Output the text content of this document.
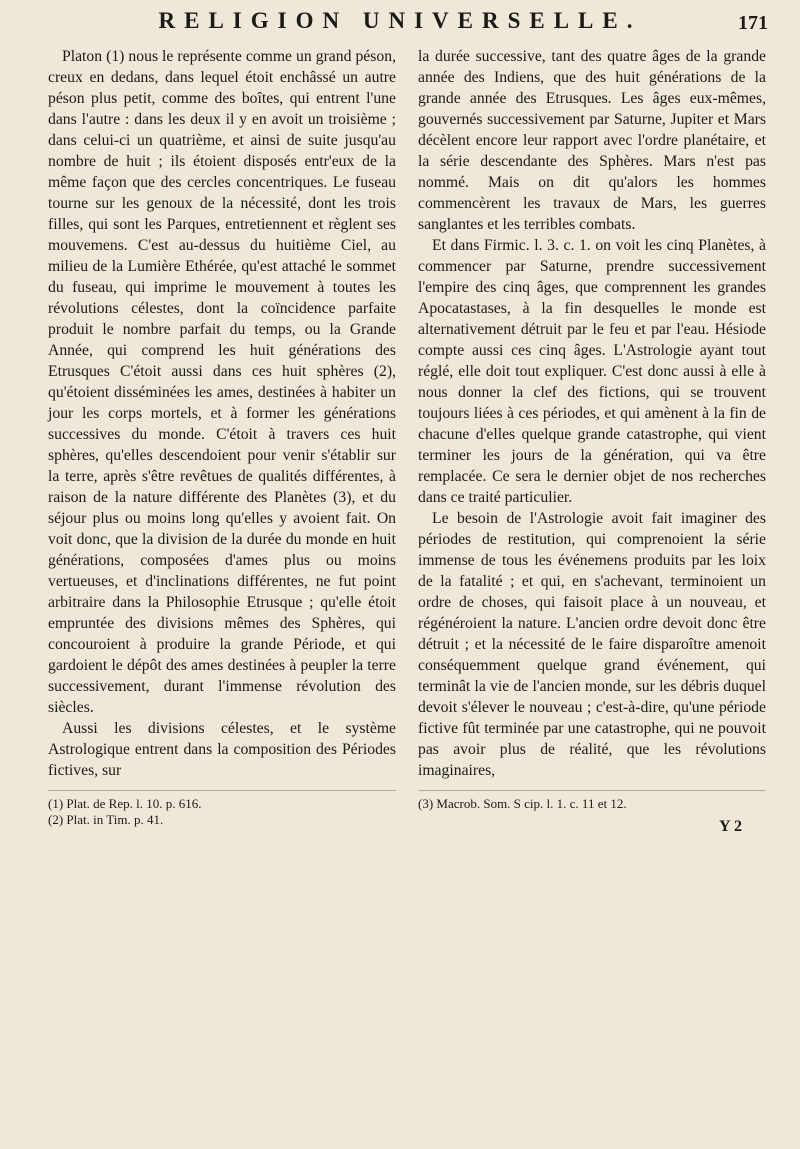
RELIGION UNIVERSELLE.	171

Platon (1) nous le représente comme un grand péson, creux en dedans, dans lequel étoit enchâssé un autre péson plus petit, comme des boîtes, qui entrent l'une dans l'autre : dans les deux il y en avoit un troisième ; dans celui-ci un quatrième, et ainsi de suite jusqu'au nombre de huit ; ils étoient disposés entr'eux de la même façon que des cercles concentriques. Le fuseau tourne sur les genoux de la nécessité, dont les trois filles, qui sont les Parques, entretiennent et règlent ses mouvemens. C'est au-dessus du huitième Ciel, au milieu de la Lumière Ethérée, qu'est attaché le sommet du fuseau, qui imprime le mouvement à toutes les révolutions célestes, dont la coïncidence parfaite produit le nombre parfait du temps, ou la Grande Année, qui comprend les huit générations des Etrusques C'étoit aussi dans ces huit sphères (2), qu'étoient disséminées les ames, destinées à habiter un jour les corps mortels, et à former les générations successives du monde. C'étoit à travers ces huit sphères, qu'elles descendoient pour venir s'établir sur la terre, après s'être revêtues de qualités différentes, à raison de la nature différente des Planètes (3), et du séjour plus ou moins long qu'elles y avoient fait. On voit donc, que la division de la durée du monde en huit générations, composées d'ames plus ou moins vertueuses, et d'inclinations différentes, ne fut point arbitraire dans la Philosophie Etrusque ; qu'elle étoit empruntée des divisions mêmes des Sphères, qui concouroient à produire la grande Période, et qui gardoient le dépôt des ames destinées à peupler la terre successivement, durant l'immense révolution des siècles.

Aussi les divisions célestes, et le système Astrologique entrent dans la composition des Périodes fictives, sur

(1) Plat. de Rep. l. 10. p. 616.
(2) Plat. in Tim. p. 41.

la durée successive, tant des quatre âges de la grande année des Indiens, que des huit générations de la grande année des Etrusques. Les âges eux-mêmes, gouvernés successivement par Saturne, Jupiter et Mars décèlent encore leur rapport avec l'ordre planétaire, et la série descendante des Sphères. Mars n'est pas nommé. Mais on dit qu'alors les hommes commencèrent les travaux de Mars, les guerres sanglantes et les terribles combats.

Et dans Firmic. l. 3. c. 1. on voit les cinq Planètes, à commencer par Saturne, prendre successivement l'empire des cinq âges, que comprennent les grandes Apocatastases, à la fin desquelles le monde est alternativement détruit par le feu et par l'eau. Hésiode compte aussi ces cinq âges. L'Astrologie ayant tout réglé, elle doit tout expliquer. C'est donc aussi à elle à nous donner la clef des fictions, qui se trouvent toujours liées à ces périodes, et qui amènent à la fin de chacune d'elles quelque grande catastrophe, qui vient terminer les jours de la génération, qui va être remplacée. Ce sera le dernier objet de nos recherches dans ce traité particulier.

Le besoin de l'Astrologie avoit fait imaginer des périodes de restitution, qui comprenoient la série immense de tous les événemens produits par les loix de la fatalité ; et qui, en s'achevant, terminoient un ordre de choses, qui faisoit place à un nouveau, et régénéroient la nature. L'ancien ordre devoit donc être détruit ; et la nécessité de le faire disparoître amenoit conséquemment quelque grand événement, qui terminât la vie de l'ancien monde, sur les débris duquel devoit s'élever le nouveau ; c'est-à-dire, qu'une période fictive fût terminée par une catastrophe, qui ne pouvoit pas avoir plus de réalité, que les révolutions imaginaires,

(3) Macrob. Som. S cip. l. 1. c. 11 et 12.
Y 2
